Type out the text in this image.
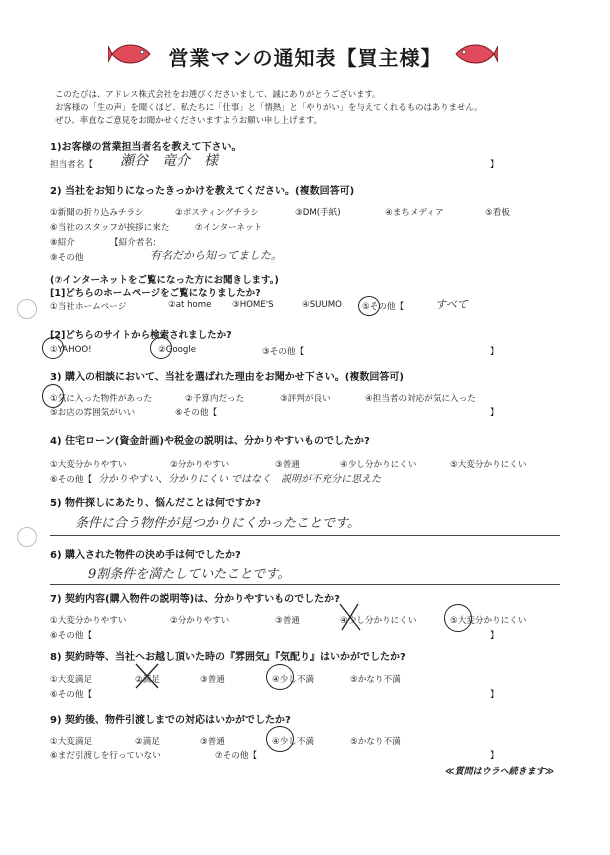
営業マンの通知表【買主様】
このたびは、アドレス株式会社をお選びくださいまして、誠にありがとうございます。
お客様の「生の声」を聞くほど、私たちに「仕事」と「情熱」と「やりがい」を与えてくれるものはありません。
ぜひ、率直なご意見をお聞かせくださいますようお願い申し上げます。
1)お客様の営業担当者名を教えて下さい。
担当者名【 瀬谷　竜介　様	】
2) 当社をお知りになったきっかけを教えてください。(複数回答可)
①新聞の折り込みチラシ	②ポスティングチラシ	③DM(手紙)	④まちメディア	⑤看板
⑥当社のスタッフが挨拶に来た	⑦インターネット
⑧紹介	【紹介者名:
⑨その他	有名だから知ってました。
(⑦インターネットをご覧になった方にお聞きします。)
[1]どちらのホームページをご覧になりましたか?
①当社ホームページ	②at home ③HOME'S	④SUUMO ⑤その他【	すべて
[2]どちらのサイトから検索されましたか?
①YAHOO!	②Google	③その他【	】
3) 購入の相談において、当社を選ばれた理由をお聞かせ下さい。(複数回答可)
①気に入った物件があった	②予算内だった	③評判が良い	④担当者の対応が気に入った
⑤お店の雰囲気がいい	⑥その他【	】
4) 住宅ローン(資金計画)や税金の説明は、分かりやすいものでしたか?
①大変分かりやすい	②分かりやすい	③普通	④少し分かりにくい	⑤大変分かりにくい
⑥その他【 分かりやすい、分かりにくい ではなく　説明が不充分に思えた
5) 物件探しにあたり、悩んだことは何ですか?
条件に合う物件が見つかりにくかったことです。
6) 購入された物件の決め手は何でしたか?
9割条件を満たしていたことです。
7) 契約内容(購入物件の説明等)は、分かりやすいものでしたか?
①大変分かりやすい	②分かりやすい	③普通	④少し分かりにくい	⑤大変分かりにくい
⑥その他【	】
8) 契約時等、当社へお越し頂いた時の『雰囲気』『気配り』はいかがでしたか?
①大変満足	②満足	③普通	④少し不満	⑤かなり不満
⑥その他【	】
9) 契約後、物件引渡しまでの対応はいかがでしたか?
①大変満足	②満足	③普通	④少し不満	⑤かなり不満
⑥まだ引渡しを行っていない	⑦その他【	】
≪質問はウラへ続きます≫
